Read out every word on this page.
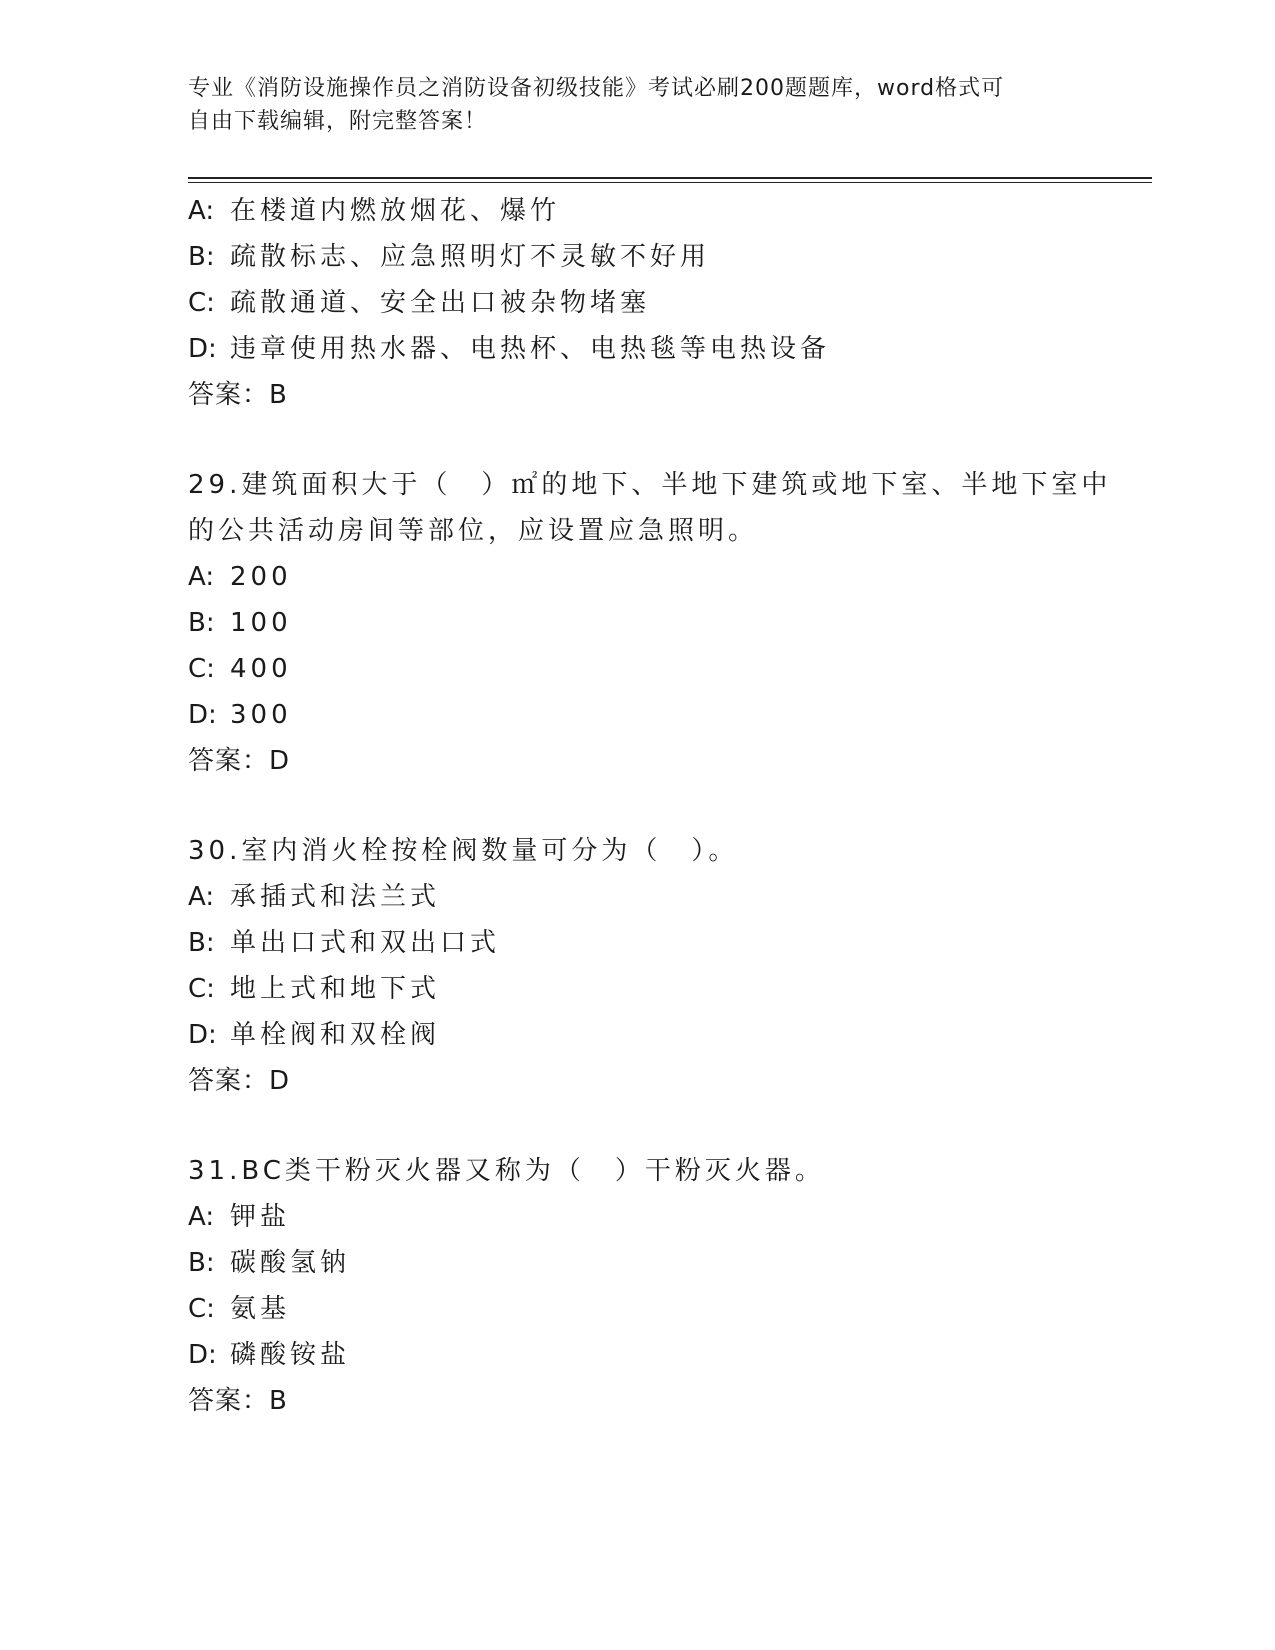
专业《消防设施操作员之消防设备初级技能》考试必刷200题题库，word格式可
自由下载编辑，附完整答案！
A: 在楼道内燃放烟花、爆竹
B: 疏散标志、应急照明灯不灵敏不好用
C: 疏散通道、安全出口被杂物堵塞
D: 违章使用热水器、电热杯、电热毯等电热设备
答案：B
29.建筑面积大于（　）㎡的地下、半地下建筑或地下室、半地下室中
的公共活动房间等部位，应设置应急照明。
A: 200
B: 100
C: 400
D: 300
答案：D
30.室内消火栓按栓阀数量可分为（　）。
A: 承插式和法兰式
B: 单出口式和双出口式
C: 地上式和地下式
D: 单栓阀和双栓阀
答案：D
31.BC类干粉灭火器又称为（　）干粉灭火器。
A: 钾盐
B: 碳酸氢钠
C: 氨基
D: 磷酸铵盐
答案：B
